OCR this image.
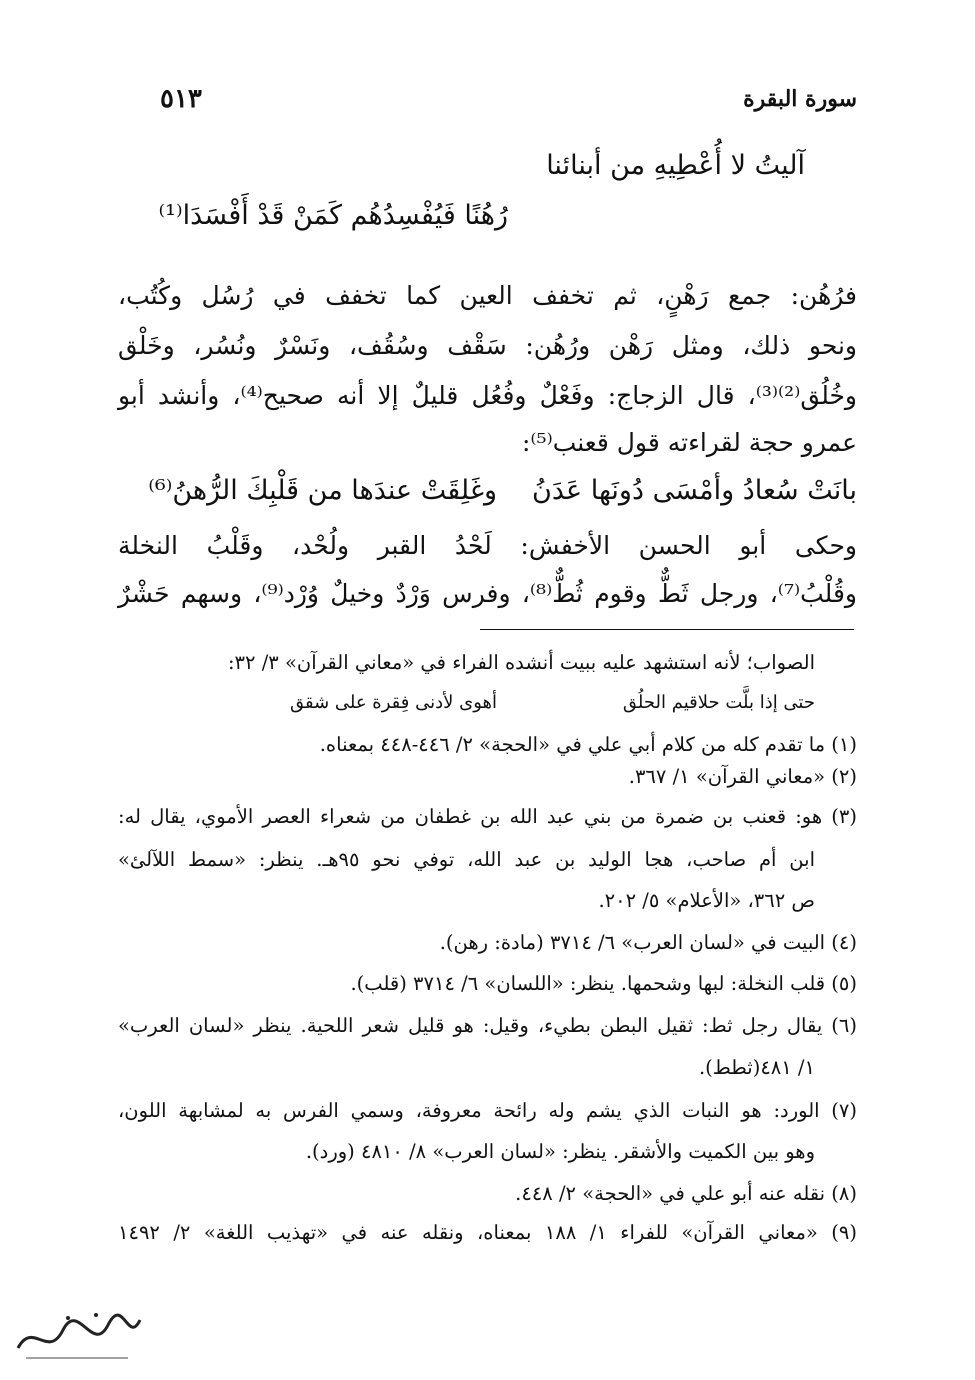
سورة البقرة
٥١٣
آليتُ لا أُعْطِيهِ من أبنائنا
رُهُنًا فَيُفْسِدُهُم كَمَنْ قَدْ أَفْسَدَا⁽¹⁾
فرُهُن: جمع رَهْنٍ، ثم تخفف العين كما تخفف في رُسُل وكُتُب،
ونحو ذلك، ومثل رَهْن ورُهُن: سَقْف وسُقُف، ونَسْرٌ ونُسُر، وخَلْق
وخُلُق⁽²⁾⁽³⁾، قال الزجاج: وفَعْلٌ وفُعُل قليلٌ إلا أنه صحيح⁽⁴⁾، وأنشد أبو
عمرو حجة لقراءته قول قعنب⁽⁵⁾:
بانَتْ سُعادُ وأمْسَى دُونَها عَدَنُ
وغَلِقَتْ عندَها من قَلْبِكَ الرُّهنُ⁽⁶⁾
وحكى أبو الحسن الأخفش: لَحْدُ القبر ولُحْد، وقَلْبُ النخلة
وقُلْبُ⁽⁷⁾، ورجل ثَطٌّ وقوم ثُطٌّ⁽⁸⁾، وفرس وَرْدٌ وخيلٌ وُرْد⁽⁹⁾، وسهم حَشْرٌ
الصواب؛ لأنه استشهد عليه ببيت أنشده الفراء في «معاني القرآن» ٣/ ٣٢:
حتى إذا بلَّت حلاقيم الحلُق
أهوى لأدنى فِقرة على شقق
(١) ما تقدم كله من كلام أبي علي في «الحجة» ٢/ ٤٤٦-٤٤٨ بمعناه.
(٢) «معاني القرآن» ١/ ٣٦٧.
(٣) هو: قعنب بن ضمرة من بني عبد الله بن غطفان من شعراء العصر الأموي، يقال له:
ابن أم صاحب، هجا الوليد بن عبد الله، توفي نحو ٩٥هـ. ينظر: «سمط اللآلئ»
ص ٣٦٢، «الأعلام» ٥/ ٢٠٢.
(٤) البيت في «لسان العرب» ٦/ ٣٧١٤ (مادة: رهن).
(٥) قلب النخلة: لبها وشحمها. ينظر: «اللسان» ٦/ ٣٧١٤ (قلب).
(٦) يقال رجل ثط: ثقيل البطن بطيء، وقيل: هو قليل شعر اللحية. ينظر «لسان العرب»
١/ ٤٨١(ثطط).
(٧) الورد: هو النبات الذي يشم وله رائحة معروفة، وسمي الفرس به لمشابهة اللون،
وهو بين الكميت والأشقر. ينظر: «لسان العرب» ٨/ ٤٨١٠ (ورد).
(٨) نقله عنه أبو علي في «الحجة» ٢/ ٤٤٨.
(٩) «معاني القرآن» للفراء ١/ ١٨٨ بمعناه، ونقله عنه في «تهذيب اللغة» ٢/ ١٤٩٢
